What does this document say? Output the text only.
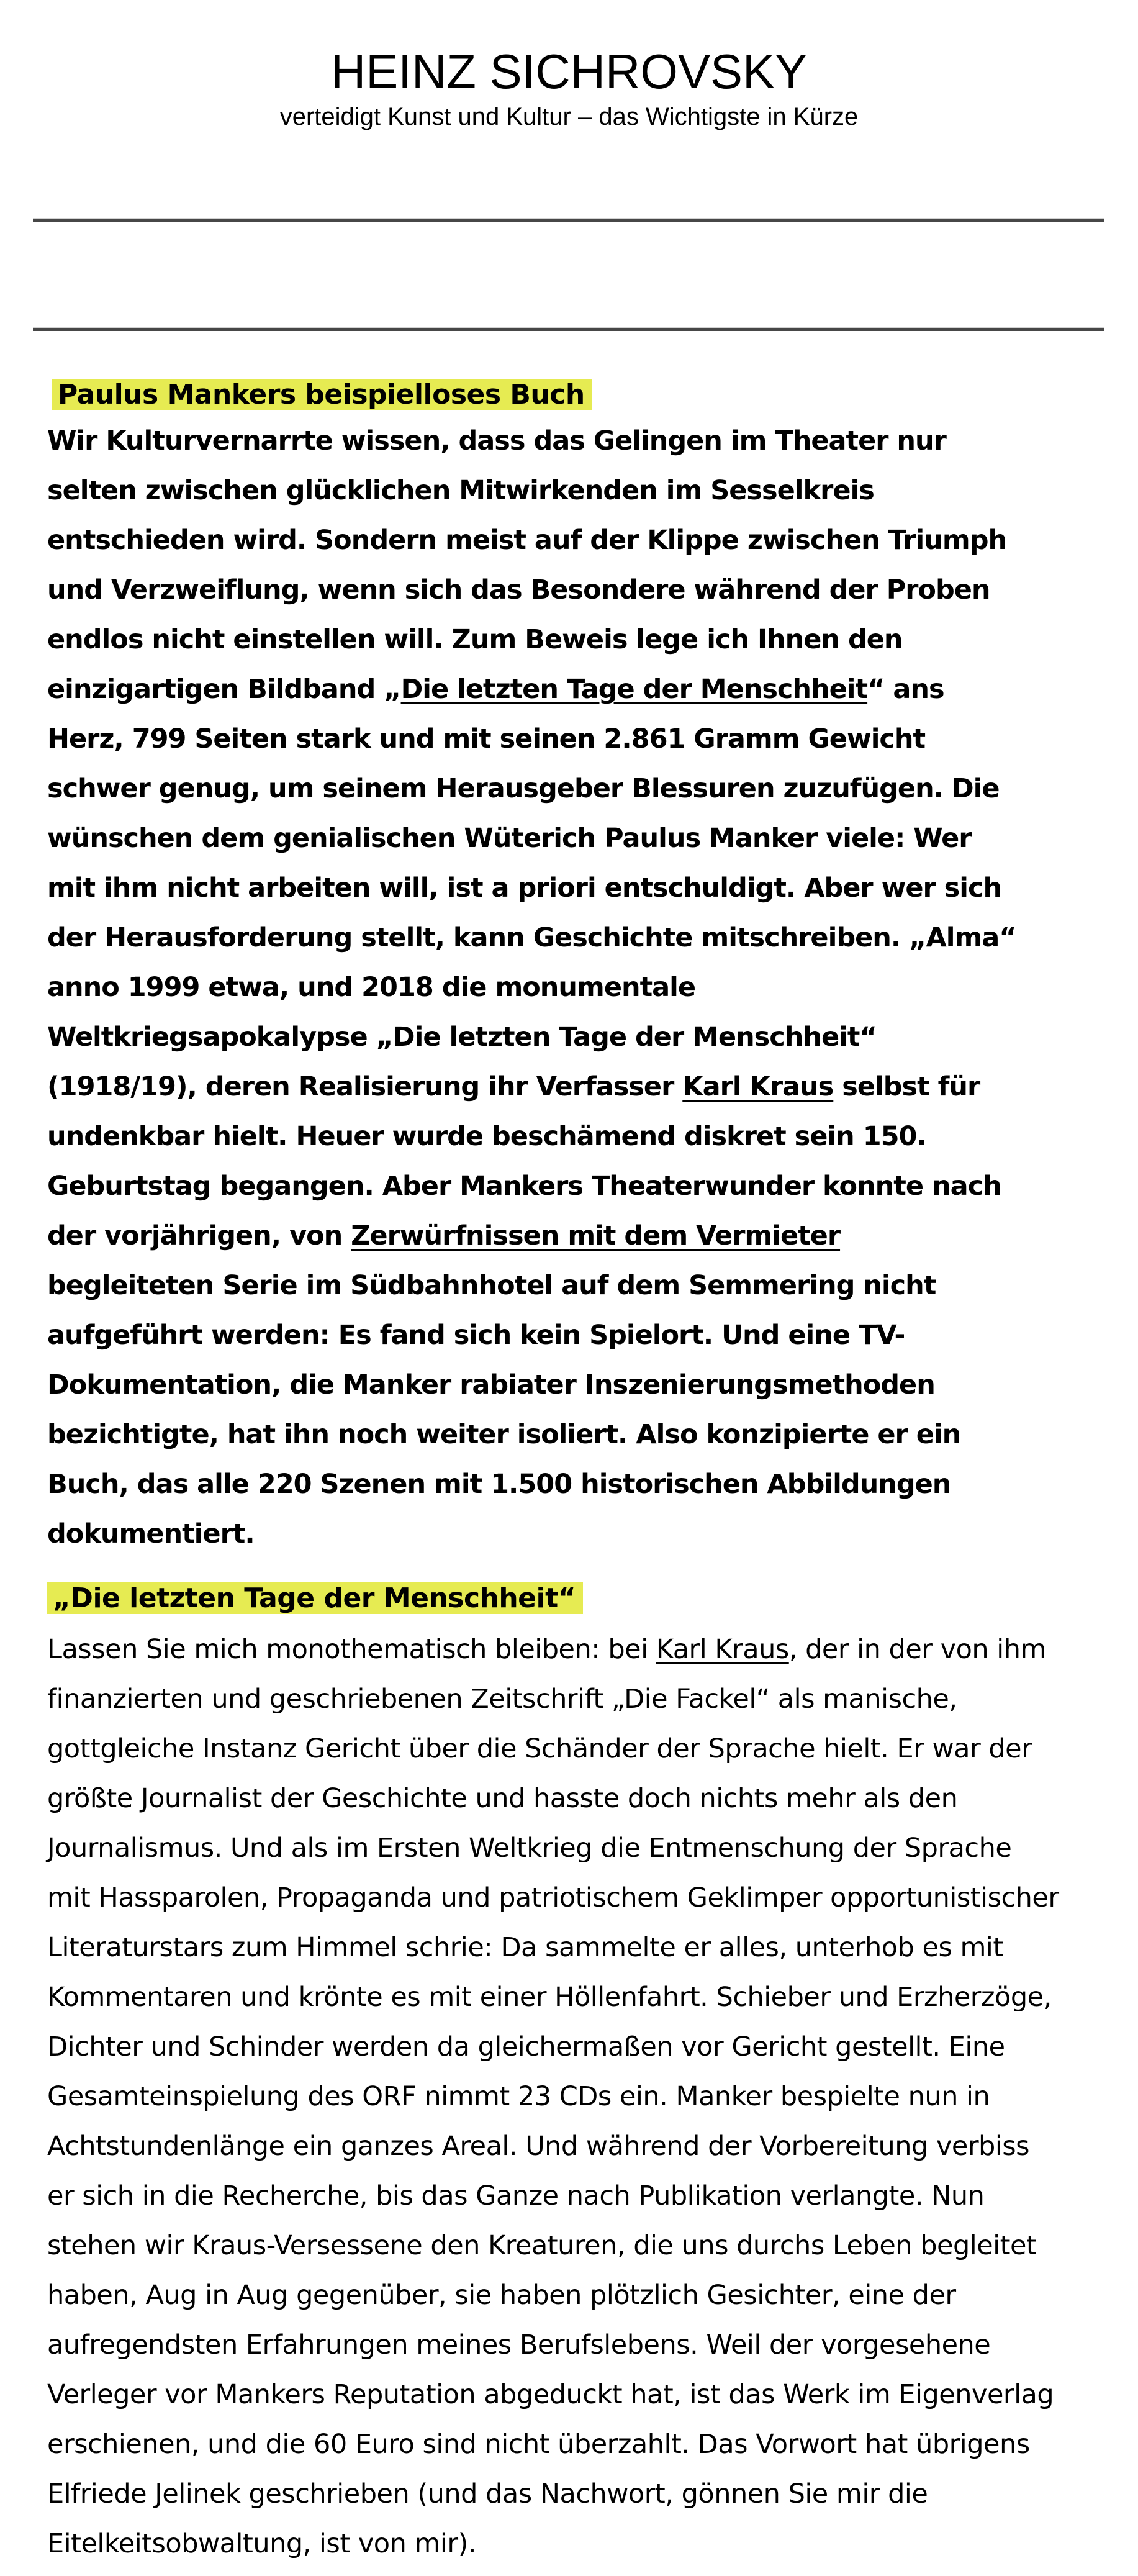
HEINZ SICHROVSKY
verteidigt Kunst und Kultur – das Wichtigste in Kürze
Paulus Mankers beispielloses Buch
Wir Kulturvernarrte wissen, dass das Gelingen im Theater nur
selten zwischen glücklichen Mitwirkenden im Sesselkreis
entschieden wird. Sondern meist auf der Klippe zwischen Triumph
und Verzweiflung, wenn sich das Besondere während der Proben
endlos nicht einstellen will. Zum Beweis lege ich Ihnen den
einzigartigen Bildband „Die letzten Tage der Menschheit“ ans
Herz, 799 Seiten stark und mit seinen 2.861 Gramm Gewicht
schwer genug, um seinem Herausgeber Blessuren zuzufügen. Die
wünschen dem genialischen Wüterich Paulus Manker viele: Wer
mit ihm nicht arbeiten will, ist a priori entschuldigt. Aber wer sich
der Herausforderung stellt, kann Geschichte mitschreiben. „Alma“
anno 1999 etwa, und 2018 die monumentale
Weltkriegsapokalypse „Die letzten Tage der Menschheit“
(1918/19), deren Realisierung ihr Verfasser Karl Kraus selbst für
undenkbar hielt. Heuer wurde beschämend diskret sein 150.
Geburtstag begangen. Aber Mankers Theaterwunder konnte nach
der vorjährigen, von Zerwürfnissen mit dem Vermieter
begleiteten Serie im Südbahnhotel auf dem Semmering nicht
aufgeführt werden: Es fand sich kein Spielort. Und eine TV-
Dokumentation, die Manker rabiater Inszenierungsmethoden
bezichtigte, hat ihn noch weiter isoliert. Also konzipierte er ein
Buch, das alle 220 Szenen mit 1.500 historischen Abbildungen
dokumentiert.
„Die letzten Tage der Menschheit“
Lassen Sie mich monothematisch bleiben: bei Karl Kraus, der in der von ihm
finanzierten und geschriebenen Zeitschrift „Die Fackel“ als manische,
gottgleiche Instanz Gericht über die Schänder der Sprache hielt. Er war der
größte Journalist der Geschichte und hasste doch nichts mehr als den
Journalismus. Und als im Ersten Weltkrieg die Entmenschung der Sprache
mit Hassparolen, Propaganda und patriotischem Geklimper opportunistischer
Literaturstars zum Himmel schrie: Da sammelte er alles, unterhob es mit
Kommentaren und krönte es mit einer Höllenfahrt. Schieber und Erzherzöge,
Dichter und Schinder werden da gleichermaßen vor Gericht gestellt. Eine
Gesamteinspielung des ORF nimmt 23 CDs ein. Manker bespielte nun in
Achtstundenlänge ein ganzes Areal. Und während der Vorbereitung verbiss
er sich in die Recherche, bis das Ganze nach Publikation verlangte. Nun
stehen wir Kraus-Versessene den Kreaturen, die uns durchs Leben begleitet
haben, Aug in Aug gegenüber, sie haben plötzlich Gesichter, eine der
aufregendsten Erfahrungen meines Berufslebens. Weil der vorgesehene
Verleger vor Mankers Reputation abgeduckt hat, ist das Werk im Eigenverlag
erschienen, und die 60 Euro sind nicht überzahlt. Das Vorwort hat übrigens
Elfriede Jelinek geschrieben (und das Nachwort, gönnen Sie mir die
Eitelkeitsobwaltung, ist von mir).
